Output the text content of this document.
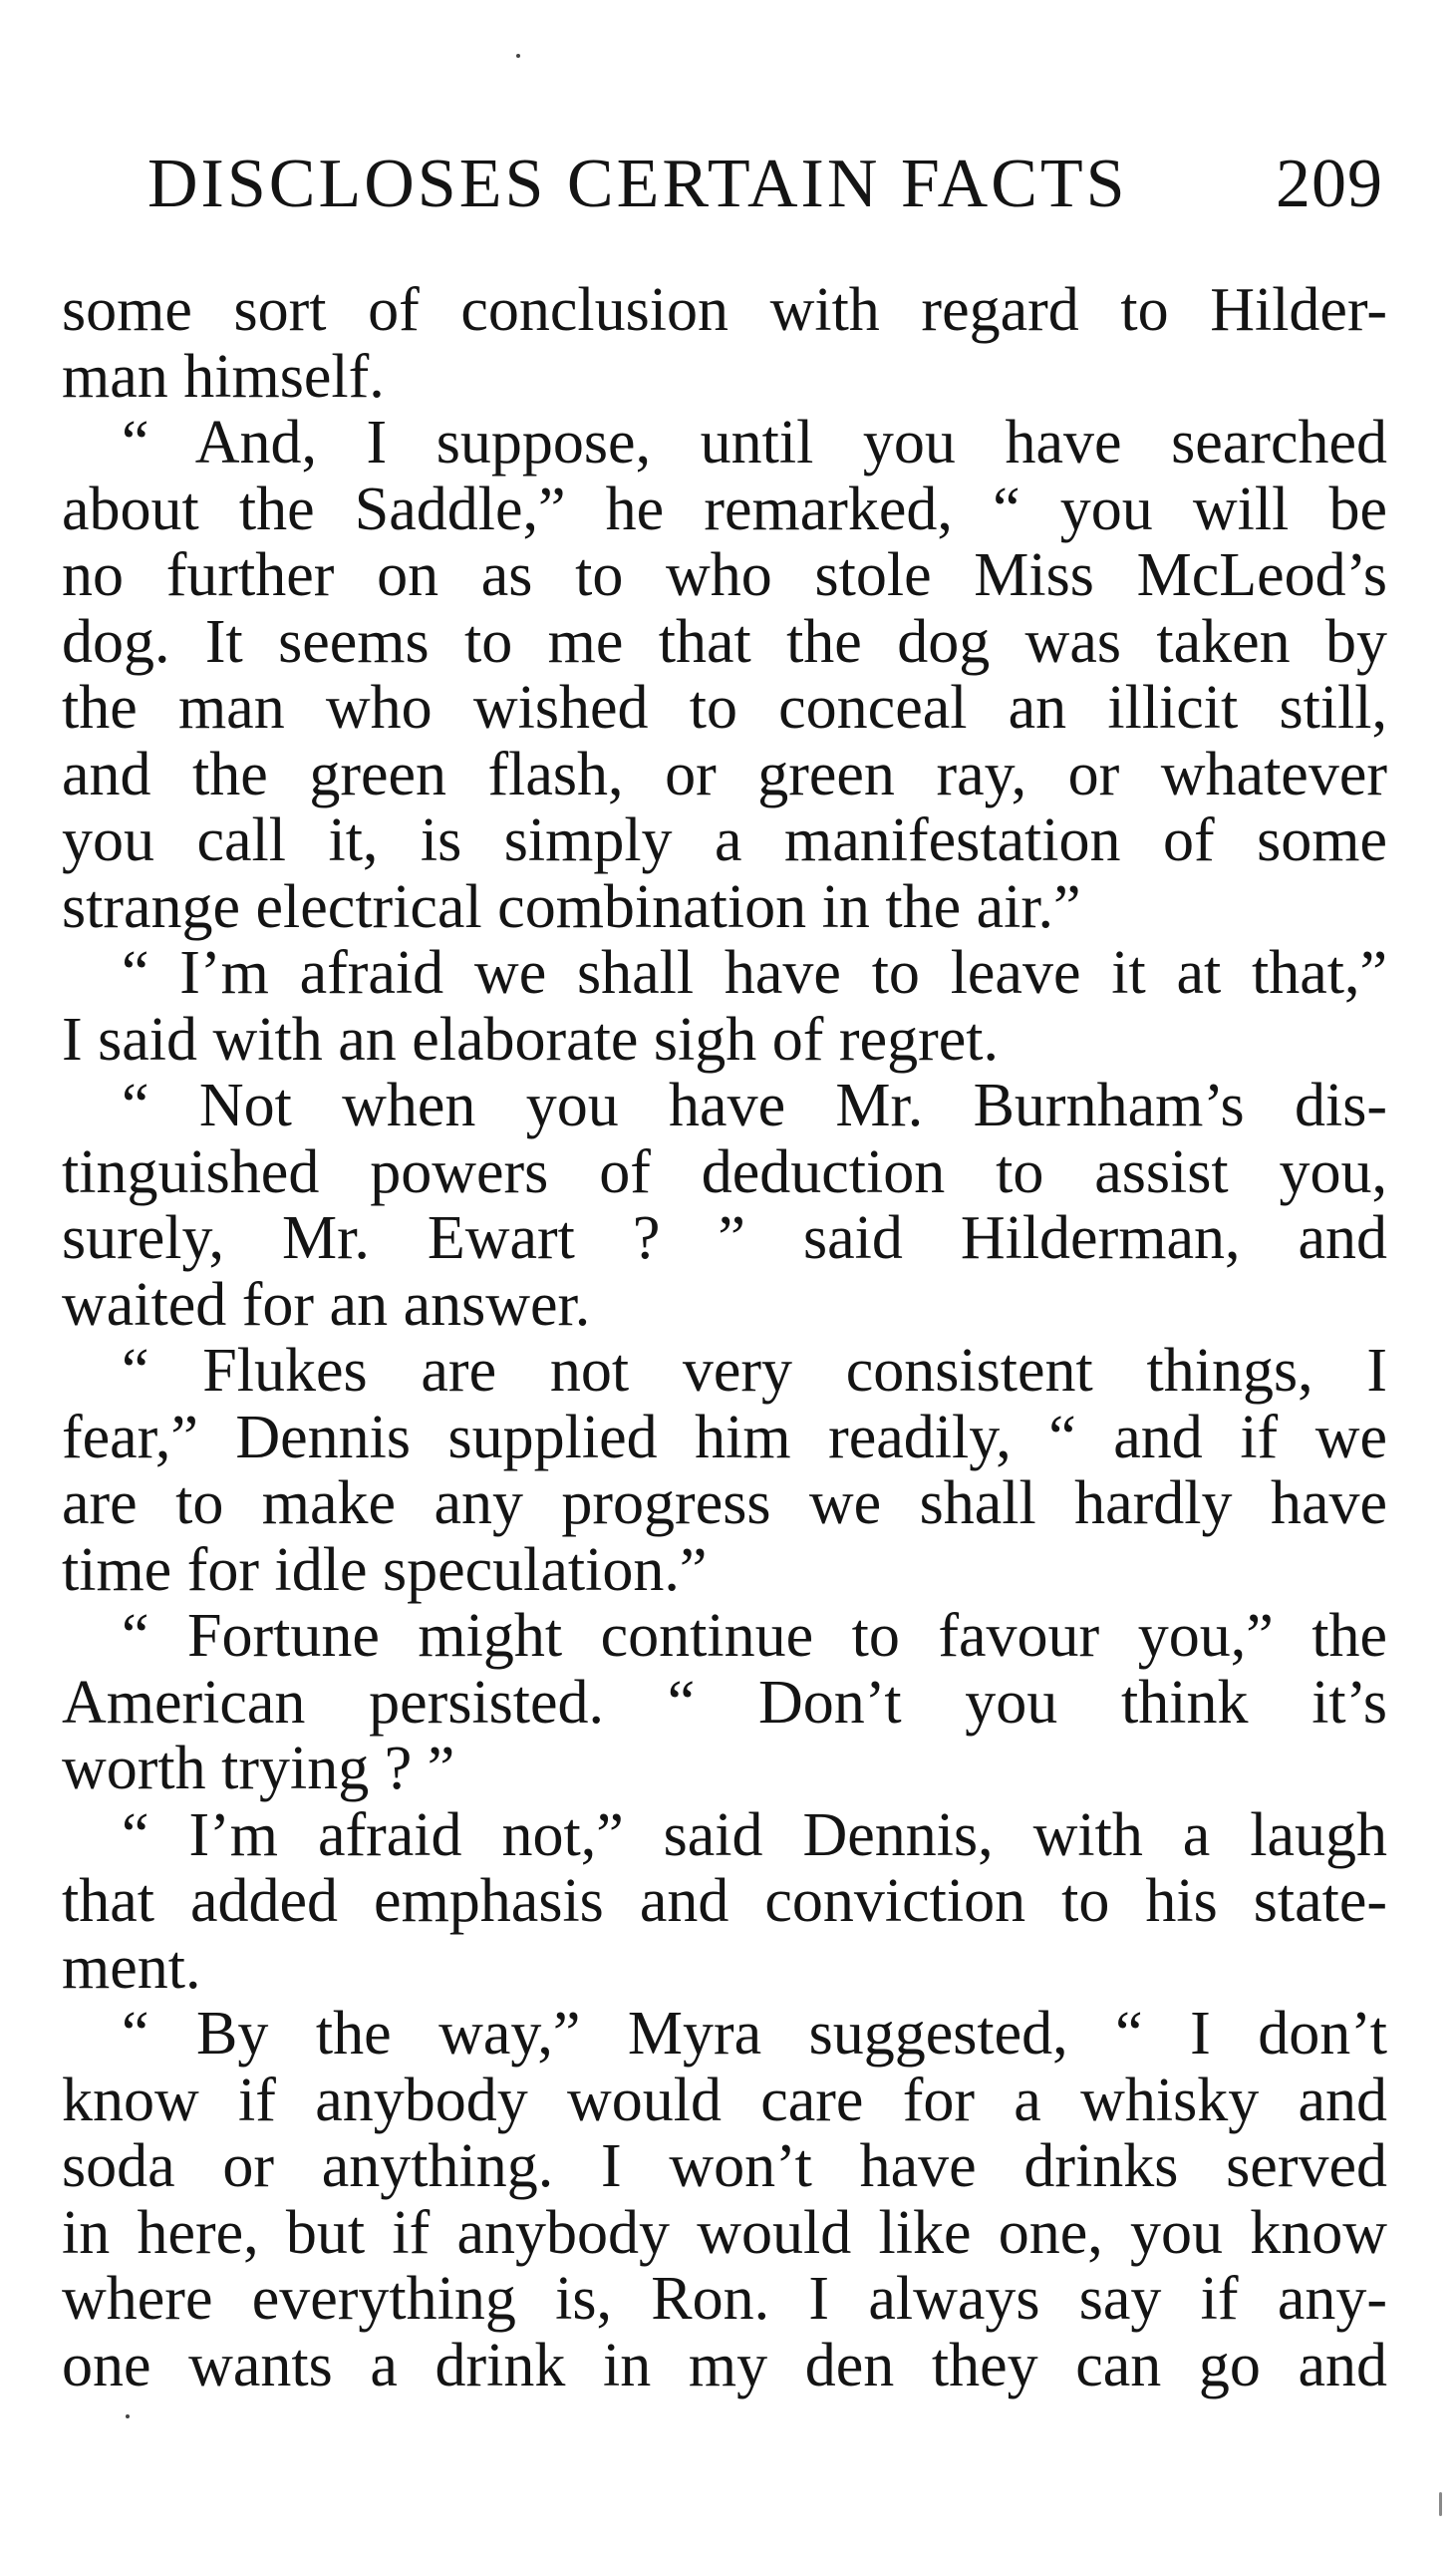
DISCLOSES CERTAIN FACTS 209
some sort of conclusion with regard to Hilder-
man himself.
“ And, I suppose, until you have searched
about the Saddle,” he remarked, “ you will be
no further on as to who stole Miss McLeod’s
dog. It seems to me that the dog was taken by
the man who wished to conceal an illicit still,
and the green flash, or green ray, or whatever
you call it, is simply a manifestation of some
strange electrical combination in the air.”
“ I’m afraid we shall have to leave it at that,”
I said with an elaborate sigh of regret.
“ Not when you have Mr. Burnham’s dis-
tinguished powers of deduction to assist you,
surely, Mr. Ewart ? ” said Hilderman, and
waited for an answer.
“ Flukes are not very consistent things, I
fear,” Dennis supplied him readily, “ and if we
are to make any progress we shall hardly have
time for idle speculation.”
“ Fortune might continue to favour you,” the
American persisted. “ Don’t you think it’s
worth trying ? ”
“ I’m afraid not,” said Dennis, with a laugh
that added emphasis and conviction to his state-
ment.
“ By the way,” Myra suggested, “ I don’t
know if anybody would care for a whisky and
soda or anything. I won’t have drinks served
in here, but if anybody would like one, you know
where everything is, Ron. I always say if any-
one wants a drink in my den they can go and
